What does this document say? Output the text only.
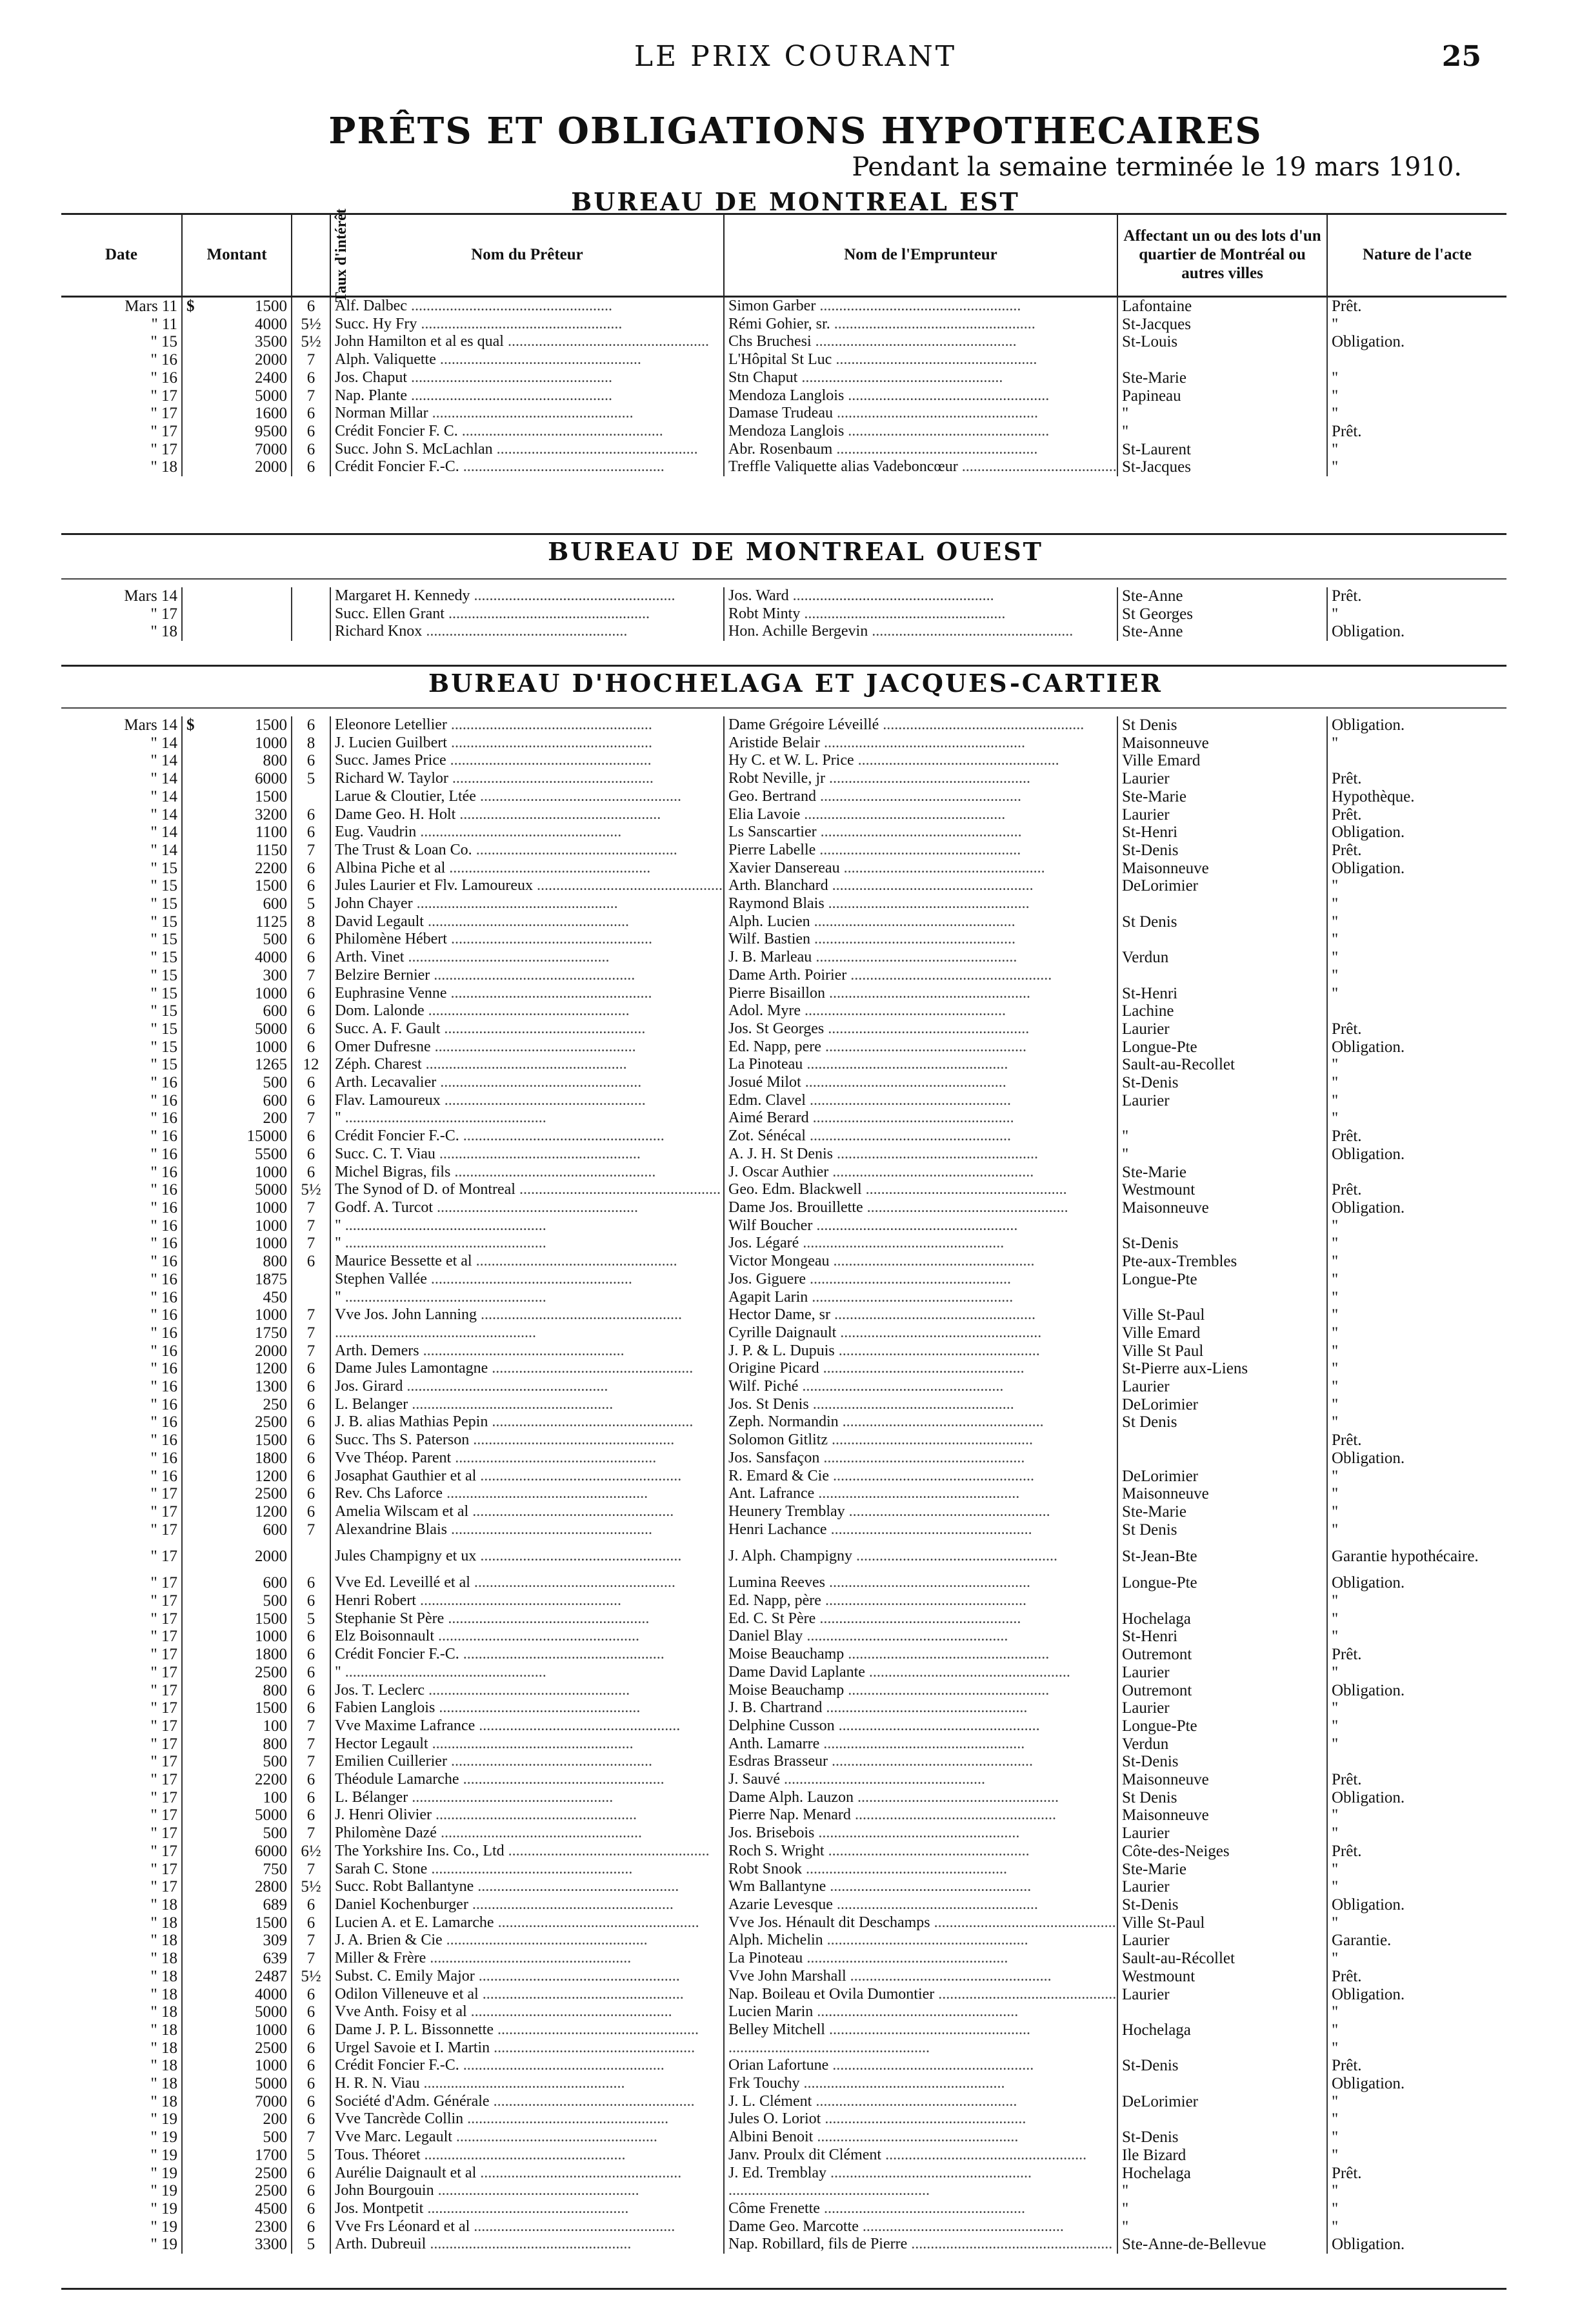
LE PRIX COURANT	25
PRÊTS ET OBLIGATIONS HYPOTHECAIRES
Pendant la semaine terminée le 19 mars 1910.
BUREAU DE MONTREAL EST
Date	Montant	Taux d'intérêt	Nom du Prêteur	Nom de l'Emprunteur	Affectant un ou des lots d'un quartier de Montréal ou autres villes	Nature de l'acte
Mars 11	$ 1500	6	Alf. Dalbec .....	Simon Garber .....	Lafontaine	Prêt.
" 11	4000	5½	Succ. Hy Fry .....	Rémi Gohier, sr. .....	St-Jacques	"
" 15	3500	5½	John Hamilton et al es qual .....	Chs Bruchesi .....	St-Louis	Obligation.
" 16	2000	7	Alph. Valiquette .....	L'Hôpital St Luc .....		
" 16	2400	6	Jos. Chaput .....	Stn Chaput .....	Ste-Marie	"
" 17	5000	7	Nap. Plante .....	Mendoza Langlois .....	Papineau	"
" 17	1600	6	Norman Millar .....	Damase Trudeau .....	"	"
" 17	9500	6	Crédit Foncier F. C. .....	Mendoza Langlois .....	"	Prêt.
" 17	7000	6	Succ. John S. McLachlan .....	Abr. Rosenbaum .....	St-Laurent	"
" 18	2000	6	Crédit Foncier F.-C. .....	Treffle Valiquette alias Vadeboncœur .....	St-Jacques	"
BUREAU DE MONTREAL OUEST
Mars 14			Margaret H. Kennedy .....	Jos. Ward .....	Ste-Anne	Prêt.
" 17			Succ. Ellen Grant .....	Robt Minty .....	St Georges	"
" 18			Richard Knox .....	Hon. Achille Bergevin .....	Ste-Anne	Obligation.
BUREAU D'HOCHELAGA ET JACQUES-CARTIER
Mars 14	$ 1500	6	Eleonore Letellier .....	Dame Grégoire Léveillé .....	St Denis	Obligation.
" 14	1000	8	J. Lucien Guilbert .....	Aristide Belair .....	Maisonneuve	"
" 14	800	6	Succ. James Price .....	Hy C. et W. L. Price .....	Ville Emard	
" 14	6000	5	Richard W. Taylor .....	Robt Neville, jr .....	Laurier	Prêt.
" 14	1500		Larue & Cloutier, Ltée .....	Geo. Bertrand .....	Ste-Marie	Hypothèque.
" 14	3200	6	Dame Geo. H. Holt .....	Elia Lavoie .....	Laurier	Prêt.
" 14	1100	6	Eug. Vaudrin .....	Ls Sanscartier .....	St-Henri	Obligation.
" 14	1150	7	The Trust & Loan Co. .....	Pierre Labelle .....	St-Denis	Prêt.
" 15	2200	6	Albina Piche et al .....	Xavier Dansereau .....	Maisonneuve	Obligation.
" 15	1500	6	Jules Laurier et Flv. Lamoureux .....	Arth. Blanchard .....	DeLorimier	"
" 15	600	5	John Chayer .....	Raymond Blais .....		"
" 15	1125	8	David Legault .....	Alph. Lucien .....	St Denis	"
" 15	500	6	Philomène Hébert .....	Wilf. Bastien .....		"
" 15	4000	6	Arth. Vinet .....	J. B. Marleau .....	Verdun	"
" 15	300	7	Belzire Bernier .....	Dame Arth. Poirier .....		"
" 15	1000	6	Euphrasine Venne .....	Pierre Bisaillon .....	St-Henri	"
" 15	600	6	Dom. Lalonde .....	Adol. Myre .....	Lachine	
" 15	5000	6	Succ. A. F. Gault .....	Jos. St Georges .....	Laurier	Prêt.
" 15	1000	6	Omer Dufresne .....	Ed. Napp, pere .....	Longue-Pte	Obligation.
" 15	1265	12	Zéph. Charest .....	La Pinoteau .....	Sault-au-Recollet	"
" 16	500	6	Arth. Lecavalier .....	Josué Milot .....	St-Denis	"
" 16	600	6	Flav. Lamoureux .....	Edm. Clavel .....	Laurier	"
" 16	200	7	" .....	Aimé Berard .....		"
" 16	15000	6	Crédit Foncier F.-C. .....	Zot. Sénécal .....	"	Prêt.
" 16	5500	6	Succ. C. T. Viau .....	A. J. H. St Denis .....	"	Obligation.
" 16	1000	6	Michel Bigras, fils .....	J. Oscar Authier .....	Ste-Marie	
" 16	5000	5½	The Synod of D. of Montreal .....	Geo. Edm. Blackwell .....	Westmount	Prêt.
" 16	1000	7	Godf. A. Turcot .....	Dame Jos. Brouillette .....	Maisonneuve	Obligation.
" 16	1000	7	" .....	Wilf Boucher .....		"
" 16	1000	7	" .....	Jos. Légaré .....	St-Denis	"
" 16	800	6	Maurice Bessette et al .....	Victor Mongeau .....	Pte-aux-Trembles	"
" 16	1875		Stephen Vallée .....	Jos. Giguere .....	Longue-Pte	"
" 16	450		" .....	Agapit Larin .....		"
" 16	1000	7	Vve Jos. John Lanning .....	Hector Dame, sr .....	Ville St-Paul	"
" 16	1750	7	.....	Cyrille Daignault .....	Ville Emard	"
" 16	2000	7	Arth. Demers .....	J. P. & L. Dupuis .....	Ville St Paul	"
" 16	1200	6	Dame Jules Lamontagne .....	Origine Picard .....	St-Pierre aux-Liens	"
" 16	1300	6	Jos. Girard .....	Wilf. Piché .....	Laurier	"
" 16	250	6	L. Belanger .....	Jos. St Denis .....	DeLorimier	"
" 16	2500	6	J. B. alias Mathias Pepin .....	Zeph. Normandin .....	St Denis	"
" 16	1500	6	Succ. Ths S. Paterson .....	Solomon Gitlitz .....		Prêt.
" 16	1800	6	Vve Théop. Parent .....	Jos. Sansfaçon .....		Obligation.
" 16	1200	6	Josaphat Gauthier et al .....	R. Emard & Cie .....	DeLorimier	"
" 17	2500	6	Rev. Chs Laforce .....	Ant. Lafrance .....	Maisonneuve	"
" 17	1200	6	Amelia Wilscam et al .....	Heunery Tremblay .....	Ste-Marie	"
" 17	600	7	Alexandrine Blais .....	Henri Lachance .....	St Denis	"
" 17	2000		Jules Champigny et ux .....	J. Alph. Champigny .....	St-Jean-Bte	Garantie hypothécaire.
" 17	600	6	Vve Ed. Leveillé et al .....	Lumina Reeves .....	Longue-Pte	Obligation.
" 17	500	6	Henri Robert .....	Ed. Napp, père .....		"
" 17	1500	5	Stephanie St Père .....	Ed. C. St Père .....	Hochelaga	"
" 17	1000	6	Elz Boisonnault .....	Daniel Blay .....	St-Henri	"
" 17	1800	6	Crédit Foncier F.-C. .....	Moise Beauchamp .....	Outremont	Prêt.
" 17	2500	6	" .....	Dame David Laplante .....	Laurier	"
" 17	800	6	Jos. T. Leclerc .....	Moise Beauchamp .....	Outremont	Obligation.
" 17	1500	6	Fabien Langlois .....	J. B. Chartrand .....	Laurier	"
" 17	100	7	Vve Maxime Lafrance .....	Delphine Cusson .....	Longue-Pte	"
" 17	800	7	Hector Legault .....	Anth. Lamarre .....	Verdun	"
" 17	500	7	Emilien Cuillerier .....	Esdras Brasseur .....	St-Denis	
" 17	2200	6	Théodule Lamarche .....	J. Sauvé .....	Maisonneuve	Prêt.
" 17	100	6	L. Bélanger .....	Dame Alph. Lauzon .....	St Denis	Obligation.
" 17	5000	6	J. Henri Olivier .....	Pierre Nap. Menard .....	Maisonneuve	"
" 17	500	7	Philomène Dazé .....	Jos. Brisebois .....	Laurier	"
" 17	6000	6½	The Yorkshire Ins. Co., Ltd .....	Roch S. Wright .....	Côte-des-Neiges	Prêt.
" 17	750	7	Sarah C. Stone .....	Robt Snook .....	Ste-Marie	"
" 17	2800	5½	Succ. Robt Ballantyne .....	Wm Ballantyne .....	Laurier	"
" 18	689	6	Daniel Kochenburger .....	Azarie Levesque .....	St-Denis	Obligation.
" 18	1500	6	Lucien A. et E. Lamarche .....	Vve Jos. Hénault dit Deschamps .....	Ville St-Paul	"
" 18	309	7	J. A. Brien & Cie .....	Alph. Michelin .....	Laurier	Garantie.
" 18	639	7	Miller & Frère .....	La Pinoteau .....	Sault-au-Récollet	"
" 18	2487	5½	Subst. C. Emily Major .....	Vve John Marshall .....	Westmount	Prêt.
" 18	4000	6	Odilon Villeneuve et al .....	Nap. Boileau et Ovila Dumontier .....	Laurier	Obligation.
" 18	5000	6	Vve Anth. Foisy et al .....	Lucien Marin .....		"
" 18	1000	6	Dame J. P. L. Bissonnette .....	Belley Mitchell .....	Hochelaga	"
" 18	2500	6	Urgel Savoie et I. Martin .....	.....		"
" 18	1000	6	Crédit Foncier F.-C. .....	Orian Lafortune .....	St-Denis	Prêt.
" 18	5000	6	H. R. N. Viau .....	Frk Touchy .....		Obligation.
" 18	7000	6	Société d'Adm. Générale .....	J. L. Clément .....	DeLorimier	"
" 19	200	6	Vve Tancrède Collin .....	Jules O. Loriot .....		"
" 19	500	7	Vve Marc. Legault .....	Albini Benoit .....	St-Denis	"
" 19	1700	5	Tous. Théoret .....	Janv. Proulx dit Clément .....	Ile Bizard	"
" 19	2500	6	Aurélie Daignault et al .....	J. Ed. Tremblay .....	Hochelaga	Prêt.
" 19	2500	6	John Bourgouin .....	.....	"	"
" 19	4500	6	Jos. Montpetit .....	Côme Frenette .....	"	"
" 19	2300	6	Vve Frs Léonard et al .....	Dame Geo. Marcotte .....	"	"
" 19	3300	5	Arth. Dubreuil .....	Nap. Robillard, fils de Pierre .....	Ste-Anne-de-Bellevue	Obligation.
